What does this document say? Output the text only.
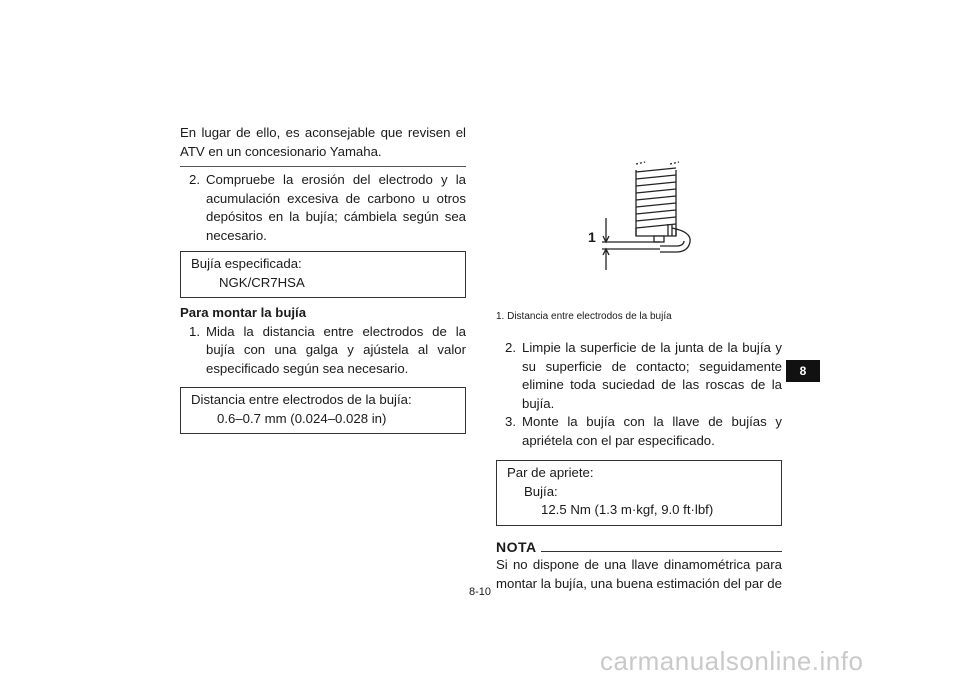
En lugar de ello, es aconsejable que revisen el ATV en un concesionario Yamaha.

2. Compruebe la erosión del electrodo y la acumulación excesiva de carbono u otros depósitos en la bujía; cámbiela según sea necesario.
Bujía especificada:
NGK/CR7HSA

Para montar la bujía

1. Mida la distancia entre electrodos de la bujía con una galga y ajústela al valor especificado según sea necesario.
Distancia entre electrodos de la bujía:
0.6–0.7 mm (0.024–0.028 in)
1

1. Distancia entre electrodos de la bujía

2. Limpie la superficie de la junta de la bujía y su superficie de contacto; seguidamente elimine toda suciedad de las roscas de la bujía.
3. Monte la bujía con la llave de bujías y apriétela con el par especificado.
Par de apriete:
Bujía:
12.5 Nm (1.3 m·kgf, 9.0 ft·lbf)
NOTA

Si no dispone de una llave dinamométrica para montar la bujía, una buena estimación del par de

8
8-10
carmanualsonline.info
